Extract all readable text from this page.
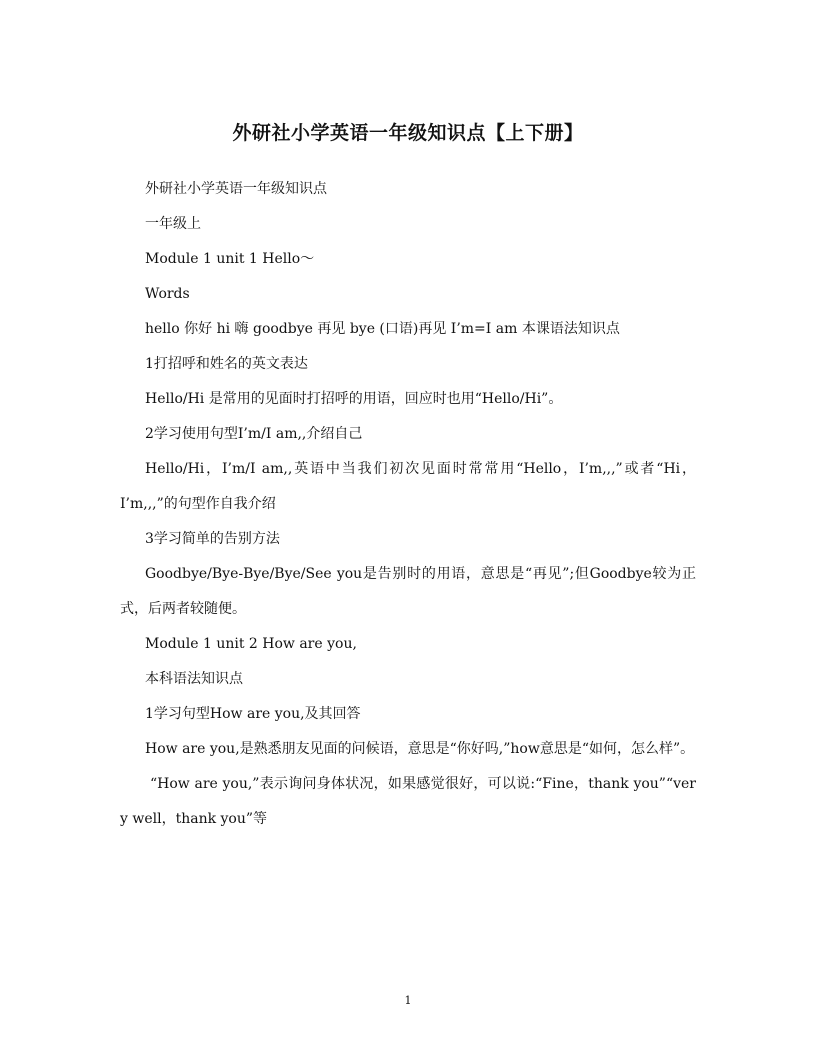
外研社小学英语一年级知识点【上下册】

外研社小学英语一年级知识点

一年级上

Module 1 unit 1 Hello～

Words

hello 你好 hi 嗨 goodbye 再见 bye (口语)再见 I’m=I am 本课语法知识点

1打招呼和姓名的英文表达

Hello/Hi 是常用的见面时打招呼的用语，回应时也用“Hello/Hi”。

2学习使用句型I’m/I am,,介绍自己

Hello/Hi，I’m/I am,,英语中当我们初次见面时常常用“Hello，I’m,,,”或者“Hi，I’m,,,”的句型作自我介绍

3学习简单的告别方法

Goodbye/Bye-Bye/Bye/See you是告别时的用语，意思是“再见”;但Goodbye较为正式，后两者较随便。

Module 1 unit 2 How are you,

本科语法知识点

1学习句型How are you,及其回答

How are you,是熟悉朋友见面的问候语，意思是“你好吗,”how意思是“如何，怎么样”。

“How are you,”表示询问身体状况，如果感觉很好，可以说:“Fine，thank you”“very well，thank you”等

1
